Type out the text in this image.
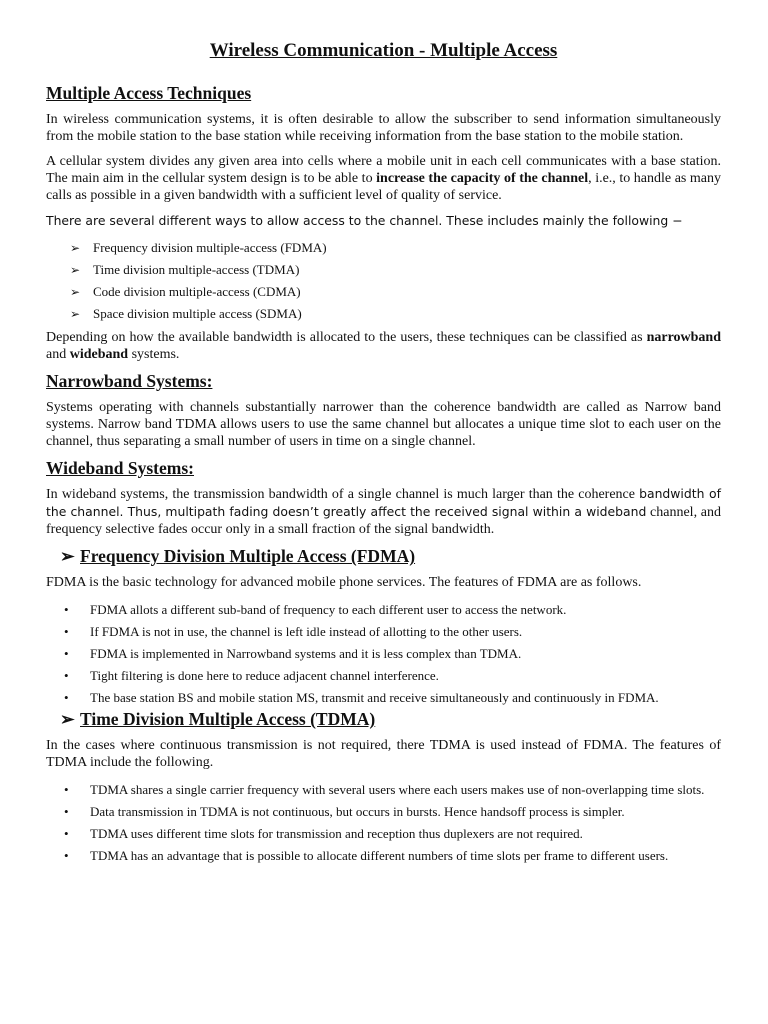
Wireless Communication - Multiple Access
Multiple Access Techniques

In wireless communication systems, it is often desirable to allow the subscriber to send information simultaneously from the mobile station to the base station while receiving information from the base station to the mobile station.

A cellular system divides any given area into cells where a mobile unit in each cell communicates with a base station. The main aim in the cellular system design is to be able to increase the capacity of the channel, i.e., to handle as many calls as possible in a given bandwidth with a sufficient level of quality of service.

There are several different ways to allow access to the channel. These includes mainly the following −

➢ Frequency division multiple-access (FDMA)
➢ Time division multiple-access (TDMA)
➢ Code division multiple-access (CDMA)
➢ Space division multiple access (SDMA)

Depending on how the available bandwidth is allocated to the users, these techniques can be classified as narrowband and wideband systems.

Narrowband Systems:

Systems operating with channels substantially narrower than the coherence bandwidth are called as Narrow band systems. Narrow band TDMA allows users to use the same channel but allocates a unique time slot to each user on the channel, thus separating a small number of users in time on a single channel.

Wideband Systems:

In wideband systems, the transmission bandwidth of a single channel is much larger than the coherence bandwidth of the channel. Thus, multipath fading doesn’t greatly affect the received signal within a wideband channel, and frequency selective fades occur only in a small fraction of the signal bandwidth.

➢ Frequency Division Multiple Access (FDMA)

FDMA is the basic technology for advanced mobile phone services. The features of FDMA are as follows.

• FDMA allots a different sub-band of frequency to each different user to access the network.
• If FDMA is not in use, the channel is left idle instead of allotting to the other users.
• FDMA is implemented in Narrowband systems and it is less complex than TDMA.
• Tight filtering is done here to reduce adjacent channel interference.
• The base station BS and mobile station MS, transmit and receive simultaneously and continuously in FDMA.
➢ Time Division Multiple Access (TDMA)

In the cases where continuous transmission is not required, there TDMA is used instead of FDMA. The features of TDMA include the following.

• TDMA shares a single carrier frequency with several users where each users makes use of non-overlapping time slots.
• Data transmission in TDMA is not continuous, but occurs in bursts. Hence handsoff process is simpler.
• TDMA uses different time slots for transmission and reception thus duplexers are not required.
• TDMA has an advantage that is possible to allocate different numbers of time slots per frame to different users.
